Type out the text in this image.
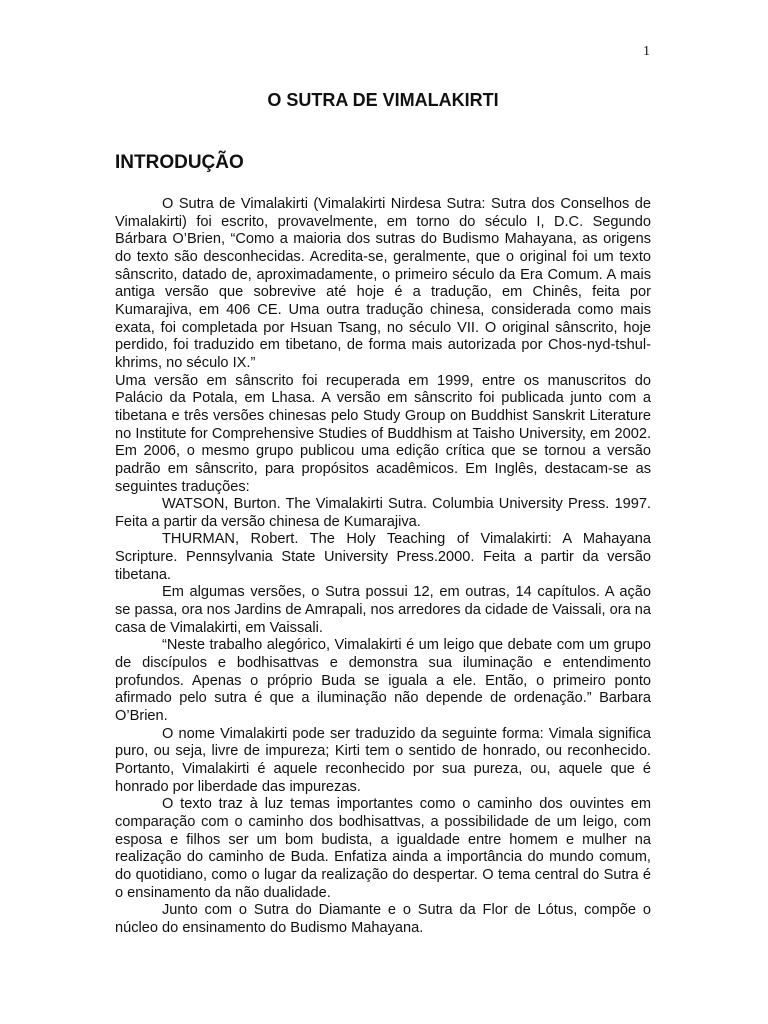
1
O SUTRA DE VIMALAKIRTI
INTRODUÇÃO

O Sutra de Vimalakirti (Vimalakirti Nirdesa Sutra: Sutra dos Conselhos de Vimalakirti) foi escrito, provavelmente, em torno do século I, D.C. Segundo Bárbara O’Brien, “Como a maioria dos sutras do Budismo Mahayana, as origens do texto são desconhecidas. Acredita-se, geralmente, que o original foi um texto sânscrito, datado de, aproximadamente, o primeiro século da Era Comum. A mais antiga versão que sobrevive até hoje é a tradução, em Chinês, feita por Kumarajiva, em 406 CE. Uma outra tradução chinesa, considerada como mais exata, foi completada por Hsuan Tsang, no século VII. O original sânscrito, hoje perdido, foi traduzido em tibetano, de forma mais autorizada por Chos-nyd-tshul-khrims, no século IX.”

Uma versão em sânscrito foi recuperada em 1999, entre os manuscritos do Palácio da Potala, em Lhasa. A versão em sânscrito foi publicada junto com a tibetana e três versões chinesas pelo Study Group on Buddhist Sanskrit Literature no Institute for Comprehensive Studies of Buddhism at Taisho University, em 2002. Em 2006, o mesmo grupo publicou uma edição crítica que se tornou a versão padrão em sânscrito, para propósitos acadêmicos. Em Inglês, destacam-se as seguintes traduções:

WATSON, Burton. The Vimalakirti Sutra. Columbia University Press. 1997. Feita a partir da versão chinesa de Kumarajiva.

THURMAN, Robert. The Holy Teaching of Vimalakirti: A Mahayana Scripture. Pennsylvania State University Press.2000. Feita a partir da versão tibetana.

Em algumas versões, o Sutra possui 12, em outras, 14 capítulos. A ação se passa, ora nos Jardins de Amrapali, nos arredores da cidade de Vaissali, ora na casa de Vimalakirti, em Vaissali.

“Neste trabalho alegórico, Vimalakirti é um leigo que debate com um grupo de discípulos e bodhisattvas e demonstra sua iluminação e entendimento profundos. Apenas o próprio Buda se iguala a ele. Então, o primeiro ponto afirmado pelo sutra é que a iluminação não depende de ordenação.” Barbara O’Brien.

O nome Vimalakirti pode ser traduzido da seguinte forma: Vimala significa puro, ou seja, livre de impureza; Kirti tem o sentido de honrado, ou reconhecido. Portanto, Vimalakirti é aquele reconhecido por sua pureza, ou, aquele que é honrado por liberdade das impurezas.

O texto traz à luz temas importantes como o caminho dos ouvintes em comparação com o caminho dos bodhisattvas, a possibilidade de um leigo, com esposa e filhos ser um bom budista, a igualdade entre homem e mulher na realização do caminho de Buda. Enfatiza ainda a importância do mundo comum, do quotidiano, como o lugar da realização do despertar. O tema central do Sutra é o ensinamento da não dualidade.

Junto com o Sutra do Diamante e o Sutra da Flor de Lótus, compõe o núcleo do ensinamento do Budismo Mahayana.
